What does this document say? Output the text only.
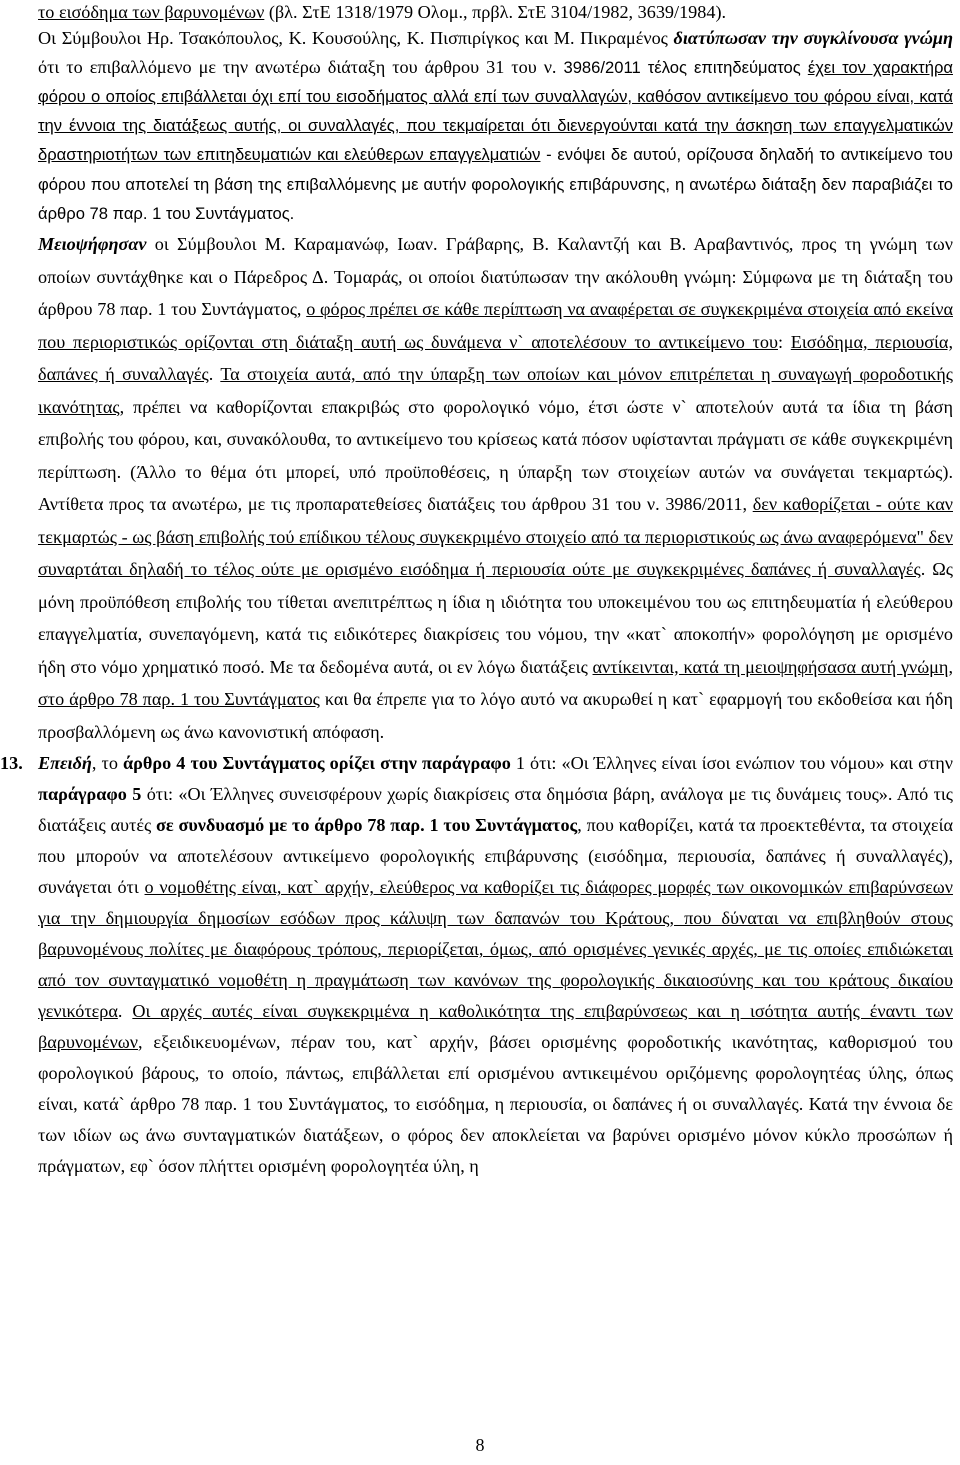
το εισόδημα των βαρυνομένων (βλ. ΣτΕ 1318/1979 Ολομ., πρβλ. ΣτΕ 3104/1982, 3639/1984).

Οι Σύμβουλοι Ηρ. Τσακόπουλος, Κ. Κουσούλης, Κ. Πισπιρίγκος και Μ. Πικραμένος διατύπωσαν την συγκλίνουσα γνώμη ότι το επιβαλλόμενο με την ανωτέρω διάταξη του άρθρου 31 του ν. 3986/2011 τέλος επιτηδεύματος έχει τον χαρακτήρα φόρου ο οποίος επιβάλλεται όχι επί του εισοδήματος αλλά επί των συναλλαγών, καθόσον αντικείμενο του φόρου είναι, κατά την έννοια της διατάξεως αυτής, οι συναλλαγές, που τεκμαίρεται ότι διενεργούνται κατά την άσκηση των επαγγελματικών δραστηριοτήτων των επιτηδευματιών και ελεύθερων επαγγελματιών - ενόψει δε αυτού, ορίζουσα δηλαδή το αντικείμενο του φόρου που αποτελεί τη βάση της επιβαλλόμενης με αυτήν φορολογικής επιβάρυνσης, η ανωτέρω διάταξη δεν παραβιάζει το άρθρο 78 παρ. 1 του Συντάγματος.

Μειοψήφησαν οι Σύμβουλοι Μ. Καραμανώφ, Ιωαν. Γράβαρης, Β. Καλαντζή και Β. Αραβαντινός, προς τη γνώμη των οποίων συντάχθηκε και ο Πάρεδρος Δ. Τομαράς, οι οποίοι διατύπωσαν την ακόλουθη γνώμη: Σύμφωνα με τη διάταξη του άρθρου 78 παρ. 1 του Συντάγματος, ο φόρος πρέπει σε κάθε περίπτωση να αναφέρεται σε συγκεκριμένα στοιχεία από εκείνα που περιοριστικώς ορίζονται στη διάταξη αυτή ως δυνάμενα ν` αποτελέσουν το αντικείμενο του: Εισόδημα, περιουσία, δαπάνες ή συναλλαγές. Τα στοιχεία αυτά, από την ύπαρξη των οποίων και μόνον επιτρέπεται η συναγωγή φοροδοτικής ικανότητας, πρέπει να καθορίζονται επακριβώς στο φορολογικό νόμο, έτσι ώστε ν` αποτελούν αυτά τα ίδια τη βάση επιβολής του φόρου, και, συνακόλουθα, το αντικείμενο του κρίσεως κατά πόσον υφίστανται πράγματι σε κάθε συγκεκριμένη περίπτωση. (Άλλο το θέμα ότι μπορεί, υπό προϋποθέσεις, η ύπαρξη των στοιχείων αυτών να συνάγεται τεκμαρτώς). Αντίθετα προς τα ανωτέρω, με τις προπαρατεθείσες διατάξεις του άρθρου 31 του ν. 3986/2011, δεν καθορίζεται - ούτε καν τεκμαρτώς - ως βάση επιβολής τού επίδικου τέλους συγκεκριμένο στοιχείο από τα περιοριστικούς ως άνω αναφερόμενα" δεν συναρτάται δηλαδή το τέλος ούτε με ορισμένο εισόδημα ή περιουσία ούτε με συγκεκριμένες δαπάνες ή συναλλαγές. Ως μόνη προϋπόθεση επιβολής του τίθεται ανεπιτρέπτως η ίδια η ιδιότητα του υποκειμένου του ως επιτηδευματία ή ελεύθερου επαγγελματία, συνεπαγόμενη, κατά τις ειδικότερες διακρίσεις του νόμου, την «κατ` αποκοπήν» φορολόγηση με ορισμένο ήδη στο νόμο χρηματικό ποσό. Με τα δεδομένα αυτά, οι εν λόγω διατάξεις αντίκεινται, κατά τη μειοψηφήσασα αυτή γνώμη, στο άρθρο 78 παρ. 1 του Συντάγματος και θα έπρεπε για το λόγο αυτό να ακυρωθεί η κατ` εφαρμογή του εκδοθείσα και ήδη προσβαλλόμενη ως άνω κανονιστική απόφαση.

13. Επειδή, το άρθρο 4 του Συντάγματος ορίζει στην παράγραφο 1 ότι: «Οι Έλληνες είναι ίσοι ενώπιον του νόμου» και στην παράγραφο 5 ότι: «Οι Έλληνες συνεισφέρουν χωρίς διακρίσεις στα δημόσια βάρη, ανάλογα με τις δυνάμεις τους». Από τις διατάξεις αυτές σε συνδυασμό με το άρθρο 78 παρ. 1 του Συντάγματος, που καθορίζει, κατά τα προεκτεθέντα, τα στοιχεία που μπορούν να αποτελέσουν αντικείμενο φορολογικής επιβάρυνσης (εισόδημα, περιουσία, δαπάνες ή συναλλαγές), συνάγεται ότι ο νομοθέτης είναι, κατ` αρχήν, ελεύθερος να καθορίζει τις διάφορες μορφές των οικονομικών επιβαρύνσεων για την δημιουργία δημοσίων εσόδων προς κάλυψη των δαπανών του Κράτους, που δύναται να επιβληθούν στους βαρυνομένους πολίτες με διαφόρους τρόπους, περιορίζεται, όμως, από ορισμένες γενικές αρχές, με τις οποίες επιδιώκεται από τον συνταγματικό νομοθέτη η πραγμάτωση των κανόνων της φορολογικής δικαιοσύνης και του κράτους δικαίου γενικότερα. Οι αρχές αυτές είναι συγκεκριμένα η καθολικότητα της επιβαρύνσεως και η ισότητα αυτής έναντι των βαρυνομένων, εξειδικευομένων, πέραν του, κατ` αρχήν, βάσει ορισμένης φοροδοτικής ικανότητας, καθορισμού του φορολογικού βάρους, το οποίο, πάντως, επιβάλλεται επί ορισμένου αντικειμένου οριζόμενης φορολογητέας ύλης, όπως είναι, κατά` άρθρο 78 παρ. 1 του Συντάγματος, το εισόδημα, η περιουσία, οι δαπάνες ή οι συναλλαγές. Κατά την έννοια δε των ιδίων ως άνω συνταγματικών διατάξεων, ο φόρος δεν αποκλείεται να βαρύνει ορισμένο μόνον κύκλο προσώπων ή πράγματων, εφ` όσον πλήττει ορισμένη φορολογητέα ύλη, η

8
